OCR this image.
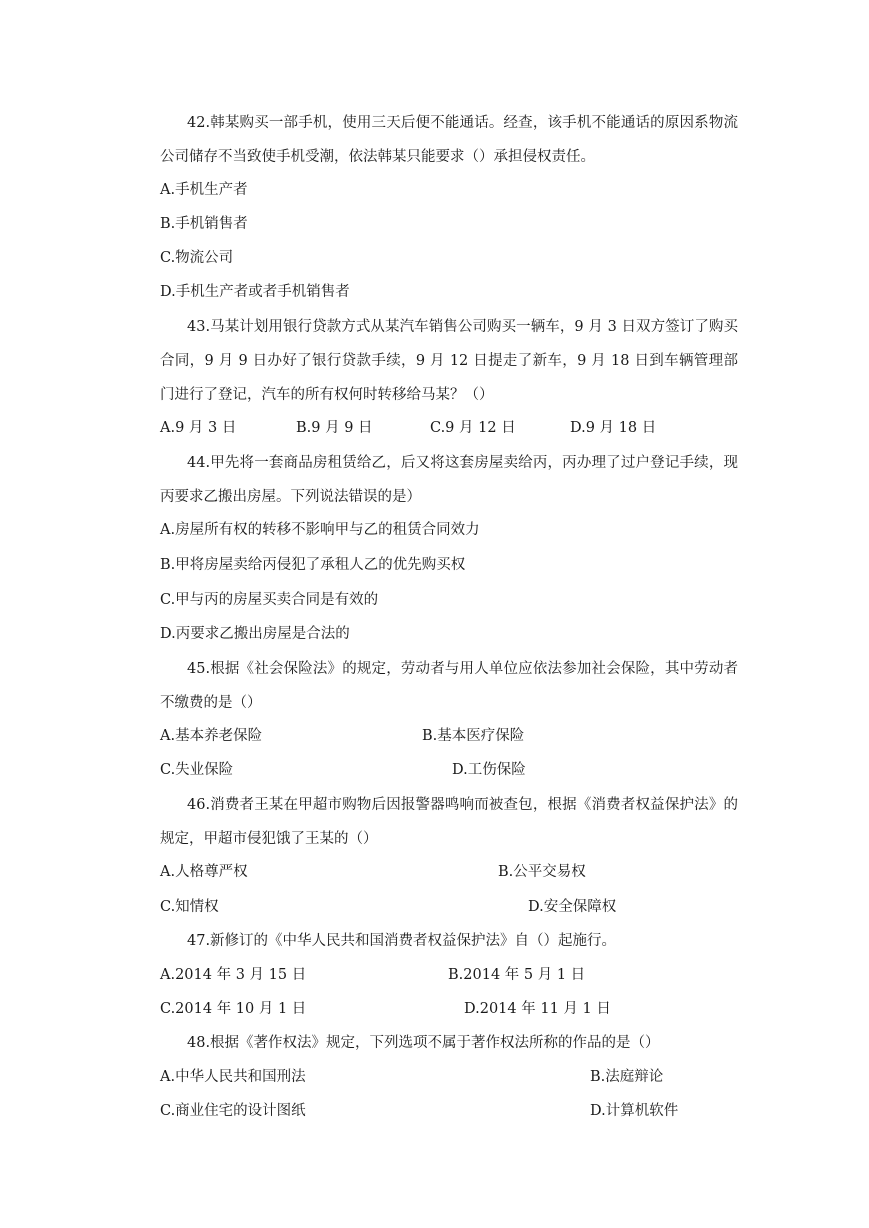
42.韩某购买一部手机，使用三天后便不能通话。经查，该手机不能通话的原因系物流公司储存不当致使手机受潮，依法韩某只能要求（）承担侵权责任。

A.手机生产者
B.手机销售者
C.物流公司
D.手机生产者或者手机销售者

43.马某计划用银行贷款方式从某汽车销售公司购买一辆车，9 月 3 日双方签订了购买合同，9 月 9 日办好了银行贷款手续，9 月 12 日提走了新车，9 月 18 日到车辆管理部门进行了登记，汽车的所有权何时转移给马某？（）

A.9 月 3 日	B.9 月 9 日	C.9 月 12 日	D.9 月 18 日

44.甲先将一套商品房租赁给乙，后又将这套房屋卖给丙，丙办理了过户登记手续，现丙要求乙搬出房屋。下列说法错误的是）

A.房屋所有权的转移不影响甲与乙的租赁合同效力
B.甲将房屋卖给丙侵犯了承租人乙的优先购买权
C.甲与丙的房屋买卖合同是有效的
D.丙要求乙搬出房屋是合法的

45.根据《社会保险法》的规定，劳动者与用人单位应依法参加社会保险，其中劳动者不缴费的是（）

A.基本养老保险	B.基本医疗保险
C.失业保险	D.工伤保险

46.消费者王某在甲超市购物后因报警器鸣响而被查包，根据《消费者权益保护法》的规定，甲超市侵犯饿了王某的（）

A.人格尊严权	B.公平交易权
C.知情权	D.安全保障权
47.新修订的《中华人民共和国消费者权益保护法》自（）起施行。
A.2014 年 3 月 15 日	B.2014 年 5 月 1 日
C.2014 年 10 月 1 日	D.2014 年 11 月 1 日
48.根据《著作权法》规定，下列选项不属于著作权法所称的作品的是（）
A.中华人民共和国刑法	B.法庭辩论
C.商业住宅的设计图纸	D.计算机软件
